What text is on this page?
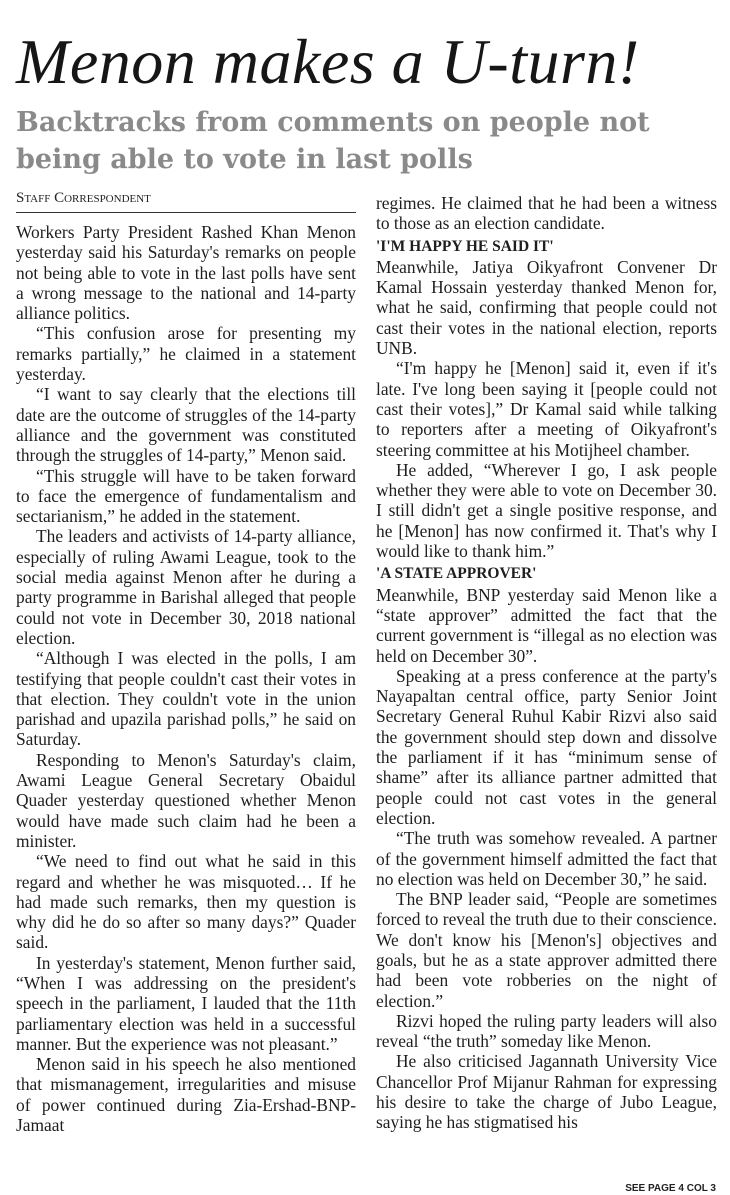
Menon makes a U-turn!
Backtracks from comments on people not being able to vote in last polls
Staff Correspondent

Workers Party President Rashed Khan Menon yesterday said his Saturday's remarks on people not being able to vote in the last polls have sent a wrong message to the national and 14-party alliance politics.

“This confusion arose for presenting my remarks partially,” he claimed in a statement yesterday.

“I want to say clearly that the elections till date are the outcome of struggles of the 14-party alliance and the government was constituted through the struggles of 14-party,” Menon said.

“This struggle will have to be taken forward to face the emergence of fundamentalism and sectarianism,” he added in the statement.

The leaders and activists of 14-party alliance, especially of ruling Awami League, took to the social media against Menon after he during a party programme in Barishal alleged that people could not vote in December 30, 2018 national election.

“Although I was elected in the polls, I am testifying that people couldn't cast their votes in that election. They couldn't vote in the union parishad and upazila parishad polls,” he said on Saturday.

Responding to Menon's Saturday's claim, Awami League General Secretary Obaidul Quader yesterday questioned whether Menon would have made such claim had he been a minister.

“We need to find out what he said in this regard and whether he was misquoted… If he had made such remarks, then my question is why did he do so after so many days?” Quader said.

In yesterday's statement, Menon further said, “When I was addressing on the president's speech in the parliament, I lauded that the 11th parliamentary election was held in a successful manner. But the experience was not pleasant.”

Menon said in his speech he also mentioned that mismanagement, irregularities and misuse of power continued during Zia-Ershad-BNP-Jamaat

regimes. He claimed that he had been a witness to those as an election candidate.

'I'M HAPPY HE SAID IT'

Meanwhile, Jatiya Oikyafront Convener Dr Kamal Hossain yesterday thanked Menon for, what he said, confirming that people could not cast their votes in the national election, reports UNB.

“I'm happy he [Menon] said it, even if it's late. I've long been saying it [people could not cast their votes],” Dr Kamal said while talking to reporters after a meeting of Oikyafront's steering committee at his Motijheel chamber.

He added, “Wherever I go, I ask people whether they were able to vote on December 30. I still didn't get a single positive response, and he [Menon] has now confirmed it. That's why I would like to thank him.”

'A STATE APPROVER'

Meanwhile, BNP yesterday said Menon like a “state approver” admitted the fact that the current government is “illegal as no election was held on December 30”.

Speaking at a press conference at the party's Nayapaltan central office, party Senior Joint Secretary General Ruhul Kabir Rizvi also said the government should step down and dissolve the parliament if it has “minimum sense of shame” after its alliance partner admitted that people could not cast votes in the general election.

“The truth was somehow revealed. A partner of the government himself admitted the fact that no election was held on December 30,” he said.

The BNP leader said, “People are sometimes forced to reveal the truth due to their conscience. We don't know his [Menon's] objectives and goals, but he as a state approver admitted there had been vote robberies on the night of election.”

Rizvi hoped the ruling party leaders will also reveal “the truth” someday like Menon.

He also criticised Jagannath University Vice Chancellor Prof Mijanur Rahman for expressing his desire to take the charge of Jubo League, saying he has stigmatised his

SEE PAGE 4 COL 3
